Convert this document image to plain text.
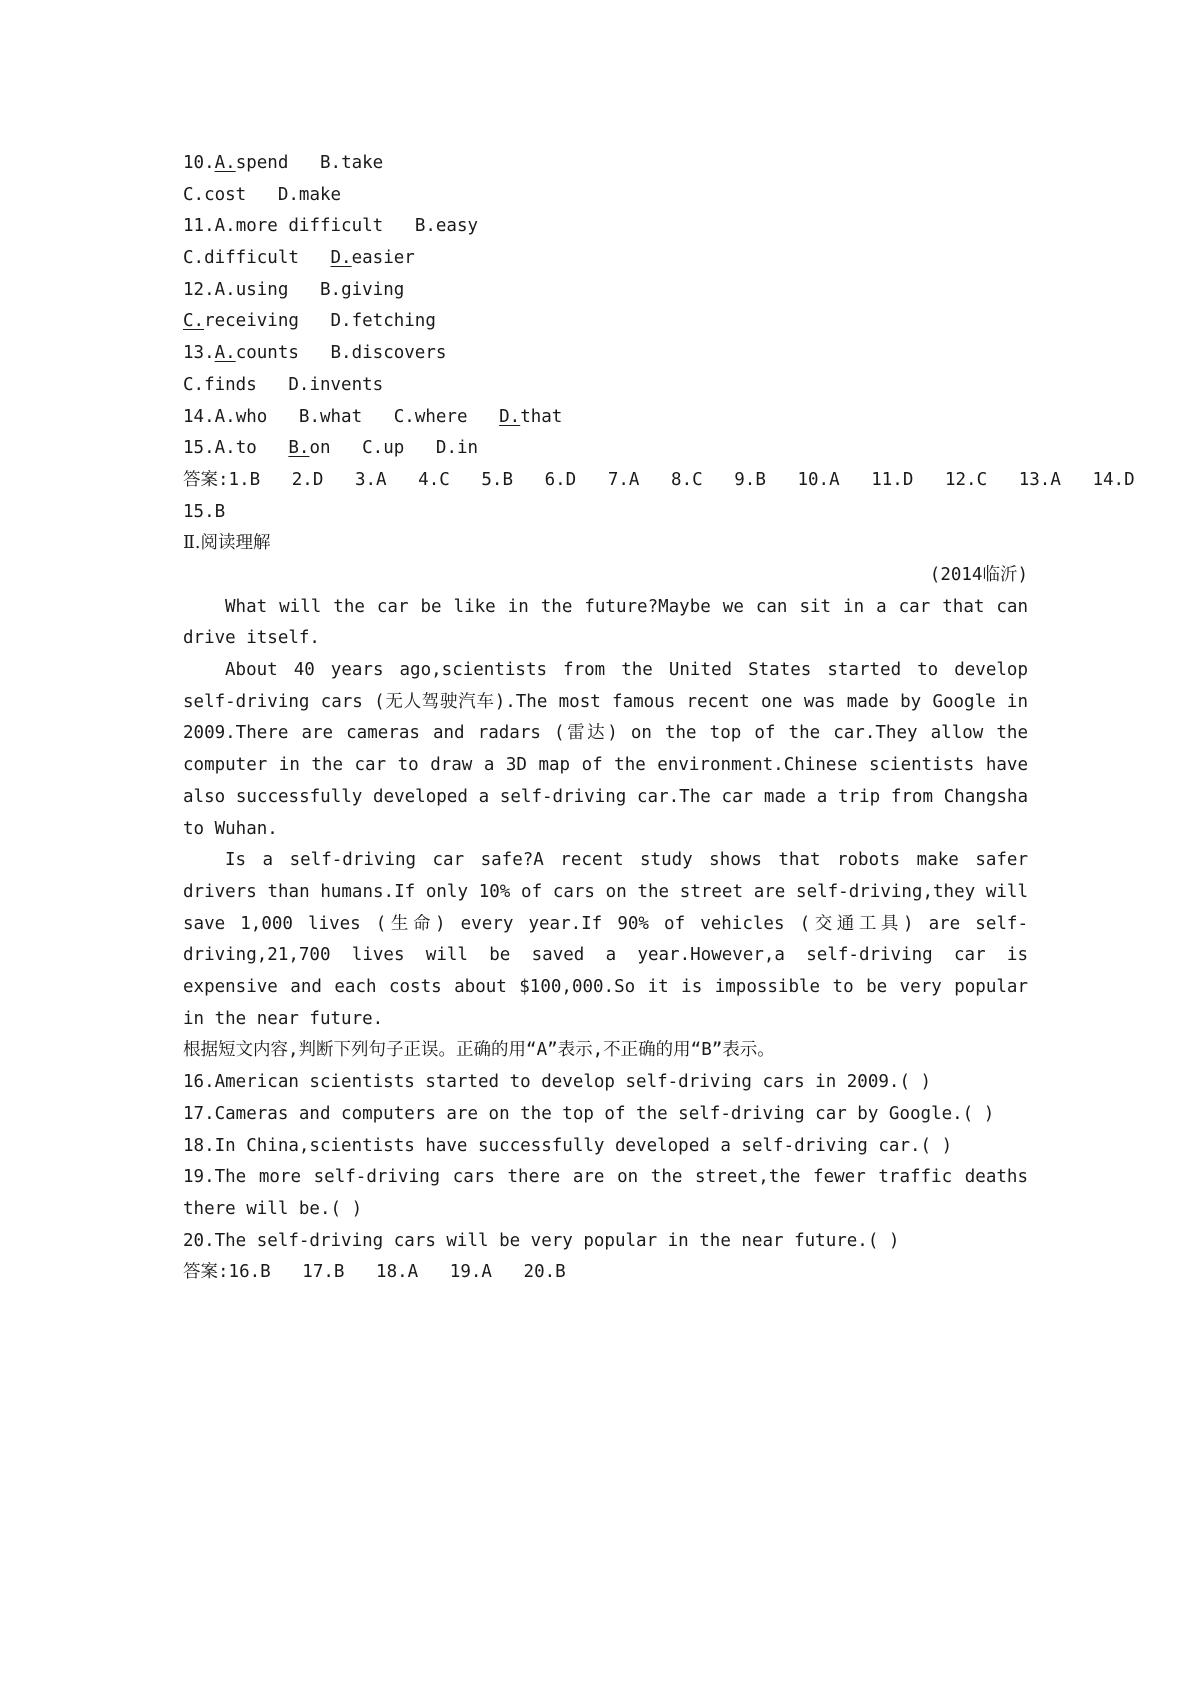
10.A.spend B.take
C.cost D.make
11.A.more difficult B.easy
C.difficult D.easier
12.A.using B.giving
C.receiving D.fetching
13.A.counts B.discovers
C.finds D.invents
14.A.who B.what C.where D.that
15.A.to B.on C.up D.in
答案:1.B   2.D   3.A   4.C   5.B   6.D   7.A   8.C   9.B   10.A   11.D   12.C   13.A   14.D
15.B
Ⅱ.阅读理解
(2014临沂)
What will the car be like in the future?Maybe we can sit in a car that can drive itself.
About 40 years ago,scientists from the United States started to develop self-driving cars (无人驾驶汽车).The most famous recent one was made by Google in 2009.There are cameras and radars (雷达) on the top of the car.They allow the computer in the car to draw a 3D map of the environment.Chinese scientists have also successfully developed a self-driving car.The car made a trip from Changsha to Wuhan.
Is a self-driving car safe?A recent study shows that robots make safer drivers than humans.If only 10% of cars on the street are self-driving,they will save 1,000 lives (生命) every year.If 90% of vehicles (交通工具) are self-driving,21,700 lives will be saved a year.However,a self-driving car is expensive and each costs about $100,000.So it is impossible to be very popular in the near future.
根据短文内容,判断下列句子正误。正确的用“A”表示,不正确的用“B”表示。
16.American scientists started to develop self-driving cars in 2009.( )
17.Cameras and computers are on the top of the self-driving car by Google.( )
18.In China,scientists have successfully developed a self-driving car.( )
19.The more self-driving cars there are on the street,the fewer traffic deaths there will be.( )
20.The self-driving cars will be very popular in the near future.( )
答案:16.B   17.B   18.A   19.A   20.B
